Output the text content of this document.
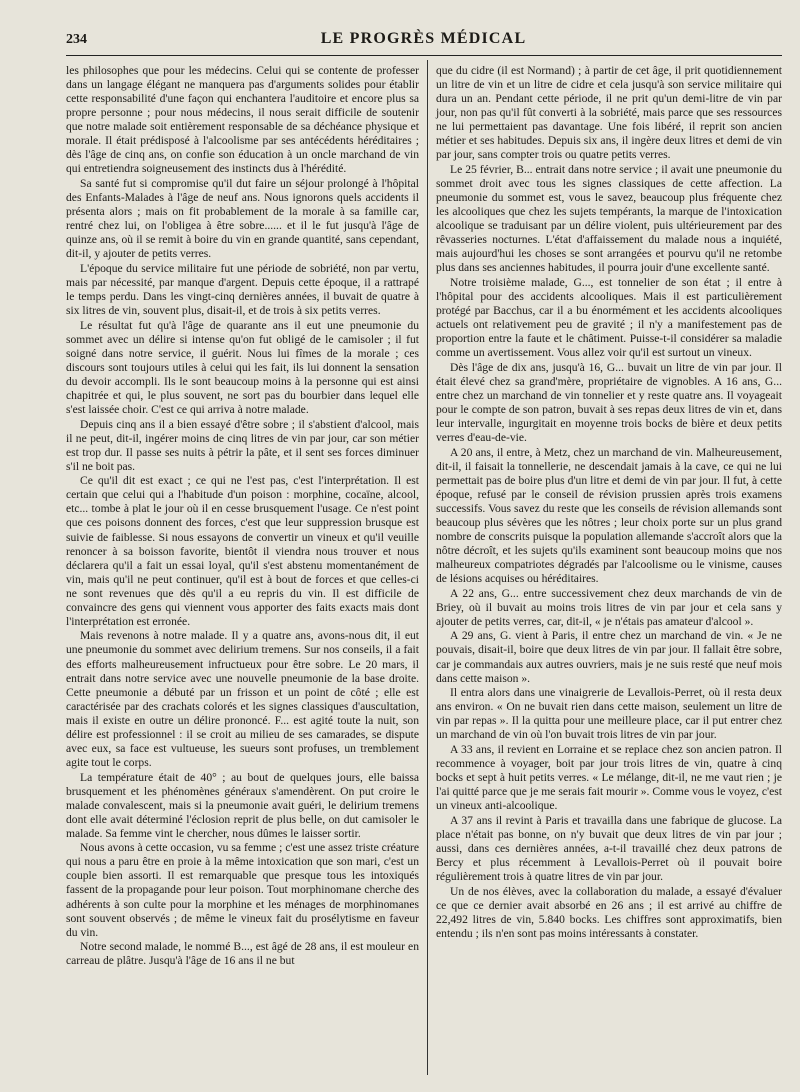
234	LE PROGRÈS MÉDICAL

les philosophes que pour les médecins. Celui qui se contente de professer dans un langage élégant ne manquera pas d'arguments solides pour établir cette responsabilité d'une façon qui enchantera l'auditoire et encore plus sa propre personne ; pour nous médecins, il nous serait difficile de soutenir que notre malade soit entièrement responsable de sa déchéance physique et morale. Il était prédisposé à l'alcoolisme par ses antécédents héréditaires ; dès l'âge de cinq ans, on confie son éducation à un oncle marchand de vin qui entretiendra soigneusement des instincts dus à l'hérédité.

Sa santé fut si compromise qu'il dut faire un séjour prolongé à l'hôpital des Enfants-Malades à l'âge de neuf ans. Nous ignorons quels accidents il présenta alors ; mais on fit probablement de la morale à sa famille car, rentré chez lui, on l'obligea à être sobre...... et il le fut jusqu'à l'âge de quinze ans, où il se remit à boire du vin en grande quantité, sans cependant, dit-il, y ajouter de petits verres.

L'époque du service militaire fut une période de sobriété, non par vertu, mais par nécessité, par manque d'argent. Depuis cette époque, il a rattrapé le temps perdu. Dans les vingt-cinq dernières années, il buvait de quatre à six litres de vin, souvent plus, disait-il, et de trois à six petits verres.

Le résultat fut qu'à l'âge de quarante ans il eut une pneumonie du sommet avec un délire si intense qu'on fut obligé de le camisoler ; il fut soigné dans notre service, il guérit. Nous lui fîmes de la morale ; ces discours sont toujours utiles à celui qui les fait, ils lui donnent la sensation du devoir accompli. Ils le sont beaucoup moins à la personne qui est ainsi chapitrée et qui, le plus souvent, ne sort pas du bourbier dans lequel elle s'est laissée choir. C'est ce qui arriva à notre malade.

Depuis cinq ans il a bien essayé d'être sobre ; il s'abstient d'alcool, mais il ne peut, dit-il, ingérer moins de cinq litres de vin par jour, car son métier est trop dur. Il passe ses nuits à pétrir la pâte, et il sent ses forces diminuer s'il ne boit pas.

Ce qu'il dit est exact ; ce qui ne l'est pas, c'est l'interprétation. Il est certain que celui qui a l'habitude d'un poison : morphine, cocaïne, alcool, etc... tombe à plat le jour où il en cesse brusquement l'usage. Ce n'est point que ces poisons donnent des forces, c'est que leur suppression brusque est suivie de faiblesse. Si nous essayons de convertir un vineux et qu'il veuille renoncer à sa boisson favorite, bientôt il viendra nous trouver et nous déclarera qu'il a fait un essai loyal, qu'il s'est abstenu momentanément de vin, mais qu'il ne peut continuer, qu'il est à bout de forces et que celles-ci ne sont revenues que dès qu'il a eu repris du vin. Il est difficile de convaincre des gens qui viennent vous apporter des faits exacts mais dont l'interprétation est erronée.

Mais revenons à notre malade. Il y a quatre ans, avons-nous dit, il eut une pneumonie du sommet avec delirium tremens. Sur nos conseils, il a fait des efforts malheureusement infructueux pour être sobre. Le 20 mars, il entrait dans notre service avec une nouvelle pneumonie de la base droite. Cette pneumonie a débuté par un frisson et un point de côté ; elle est caractérisée par des crachats colorés et les signes classiques d'auscultation, mais il existe en outre un délire prononcé. F... est agité toute la nuit, son délire est professionnel : il se croit au milieu de ses camarades, se dispute avec eux, sa face est vultueuse, les sueurs sont profuses, un tremblement agite tout le corps.

La température était de 40° ; au bout de quelques jours, elle baissa brusquement et les phénomènes généraux s'amendèrent. On put croire le malade convalescent, mais si la pneumonie avait guéri, le delirium tremens dont elle avait déterminé l'éclosion reprit de plus belle, on dut camisoler le malade. Sa femme vint le chercher, nous dûmes le laisser sortir.

Nous avons à cette occasion, vu sa femme ; c'est une assez triste créature qui nous a paru être en proie à la même intoxication que son mari, c'est un couple bien assorti. Il est remarquable que presque tous les intoxiqués fassent de la propagande pour leur poison. Tout morphinomane cherche des adhérents à son culte pour la morphine et les ménages de morphinomanes sont souvent observés ; de même le vineux fait du prosélytisme en faveur du vin.

Notre second malade, le nommé B..., est âgé de 28 ans, il est mouleur en carreau de plâtre. Jusqu'à l'âge de 16 ans il ne but

que du cidre (il est Normand) ; à partir de cet âge, il prit quotidiennement un litre de vin et un litre de cidre et cela jusqu'à son service militaire qui dura un an. Pendant cette période, il ne prit qu'un demi-litre de vin par jour, non pas qu'il fût converti à la sobriété, mais parce que ses ressources ne lui permettaient pas davantage. Une fois libéré, il reprit son ancien métier et ses habitudes. Depuis six ans, il ingère deux litres et demi de vin par jour, sans compter trois ou quatre petits verres.

Le 25 février, B... entrait dans notre service ; il avait une pneumonie du sommet droit avec tous les signes classiques de cette affection. La pneumonie du sommet est, vous le savez, beaucoup plus fréquente chez les alcooliques que chez les sujets tempérants, la marque de l'intoxication alcoolique se traduisant par un délire violent, puis ultérieurement par des rêvasseries nocturnes. L'état d'affaissement du malade nous a inquiété, mais aujourd'hui les choses se sont arrangées et pourvu qu'il ne retombe plus dans ses anciennes habitudes, il pourra jouir d'une excellente santé.

Notre troisième malade, G..., est tonnelier de son état ; il entre à l'hôpital pour des accidents alcooliques. Mais il est particulièrement protégé par Bacchus, car il a bu énormément et les accidents alcooliques actuels ont relativement peu de gravité ; il n'y a manifestement pas de proportion entre la faute et le châtiment. Puisse-t-il considérer sa maladie comme un avertissement. Vous allez voir qu'il est surtout un vineux.

Dès l'âge de dix ans, jusqu'à 16, G... buvait un litre de vin par jour. Il était élevé chez sa grand'mère, propriétaire de vignobles. A 16 ans, G... entre chez un marchand de vin tonnelier et y reste quatre ans. Il voyageait pour le compte de son patron, buvait à ses repas deux litres de vin et, dans leur intervalle, ingurgitait en moyenne trois bocks de bière et deux petits verres d'eau-de-vie.

A 20 ans, il entre, à Metz, chez un marchand de vin. Malheureusement, dit-il, il faisait la tonnellerie, ne descendait jamais à la cave, ce qui ne lui permettait pas de boire plus d'un litre et demi de vin par jour. Il fut, à cette époque, refusé par le conseil de révision prussien après trois examens successifs. Vous savez du reste que les conseils de révision allemands sont beaucoup plus sévères que les nôtres ; leur choix porte sur un plus grand nombre de conscrits puisque la population allemande s'accroît alors que la nôtre décroît, et les sujets qu'ils examinent sont beaucoup moins que nos malheureux compatriotes dégradés par l'alcoolisme ou le vinisme, causes de lésions acquises ou héréditaires.

A 22 ans, G... entre successivement chez deux marchands de vin de Briey, où il buvait au moins trois litres de vin par jour et cela sans y ajouter de petits verres, car, dit-il, « je n'étais pas amateur d'alcool ».

A 29 ans, G. vient à Paris, il entre chez un marchand de vin. « Je ne pouvais, disait-il, boire que deux litres de vin par jour. Il fallait être sobre, car je commandais aux autres ouvriers, mais je ne suis resté que neuf mois dans cette maison ».

Il entra alors dans une vinaigrerie de Levallois-Perret, où il resta deux ans environ. « On ne buvait rien dans cette maison, seulement un litre de vin par repas ». Il la quitta pour une meilleure place, car il put entrer chez un marchand de vin où l'on buvait trois litres de vin par jour.

A 33 ans, il revient en Lorraine et se replace chez son ancien patron. Il recommence à voyager, boit par jour trois litres de vin, quatre à cinq bocks et sept à huit petits verres. « Le mélange, dit-il, ne me vaut rien ; je l'ai quitté parce que je me serais fait mourir ». Comme vous le voyez, c'est un vineux anti-alcoolique.

A 37 ans il revint à Paris et travailla dans une fabrique de glucose. La place n'était pas bonne, on n'y buvait que deux litres de vin par jour ; aussi, dans ces dernières années, a-t-il travaillé chez deux patrons de Bercy et plus récemment à Levallois-Perret où il pouvait boire régulièrement trois à quatre litres de vin par jour.

Un de nos élèves, avec la collaboration du malade, a essayé d'évaluer ce que ce dernier avait absorbé en 26 ans ; il est arrivé au chiffre de 22,492 litres de vin, 5.840 bocks. Les chiffres sont approximatifs, bien entendu ; ils n'en sont pas moins intéressants à constater.
